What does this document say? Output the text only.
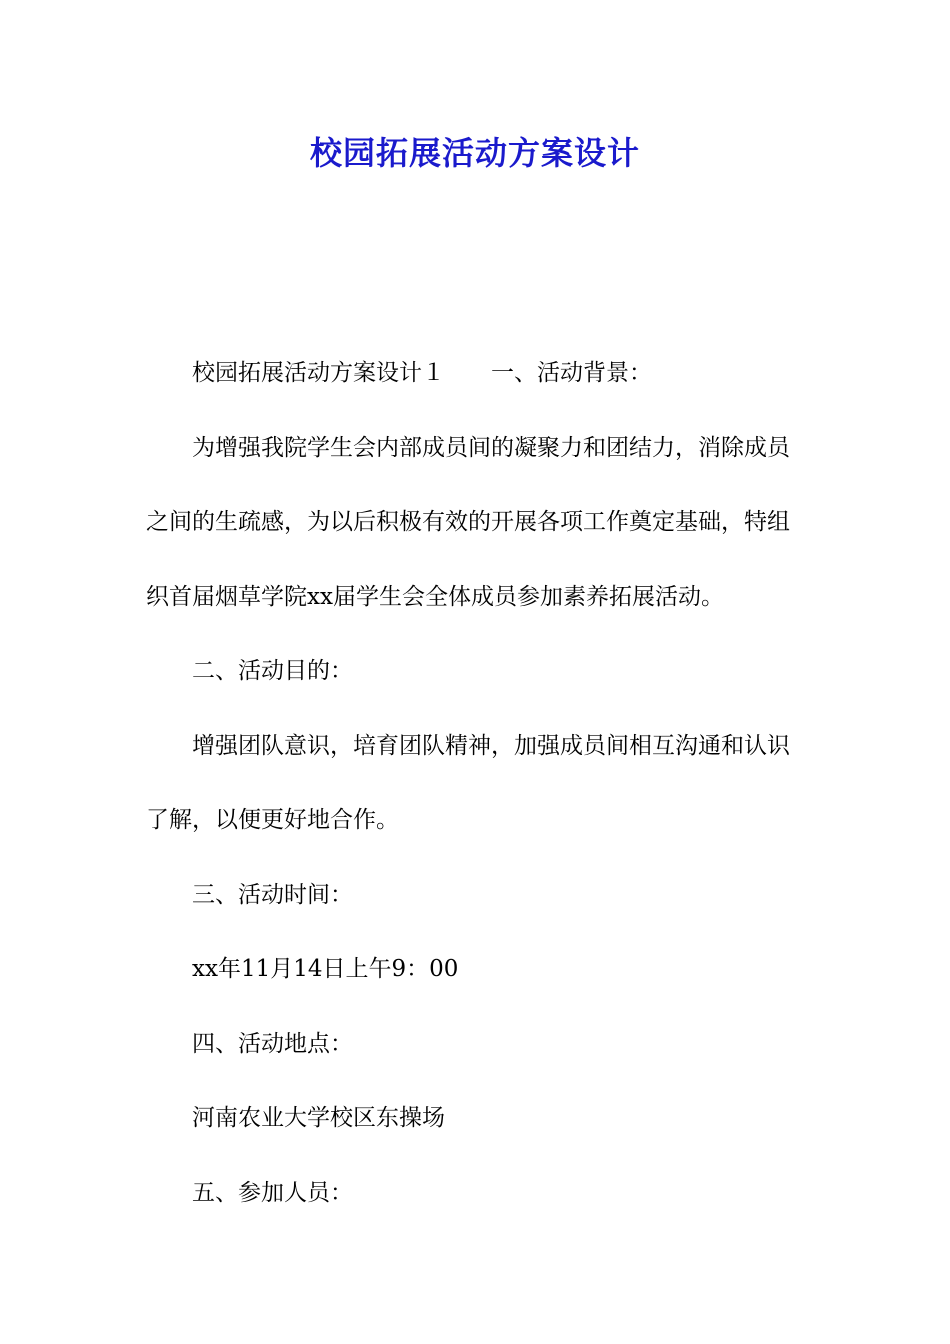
校园拓展活动方案设计

校园拓展活动方案设计１　　一、活动背景：

为增强我院学生会内部成员间的凝聚力和团结力，消除成员之间的生疏感，为以后积极有效的开展各项工作奠定基础，特组织首届烟草学院xx届学生会全体成员参加素养拓展活动。

二、活动目的：

增强团队意识，培育团队精神，加强成员间相互沟通和认识了解，以便更好地合作。

三、活动时间：

xx年11月14日上午9：00

四、活动地点：

河南农业大学校区东操场

五、参加人员：
